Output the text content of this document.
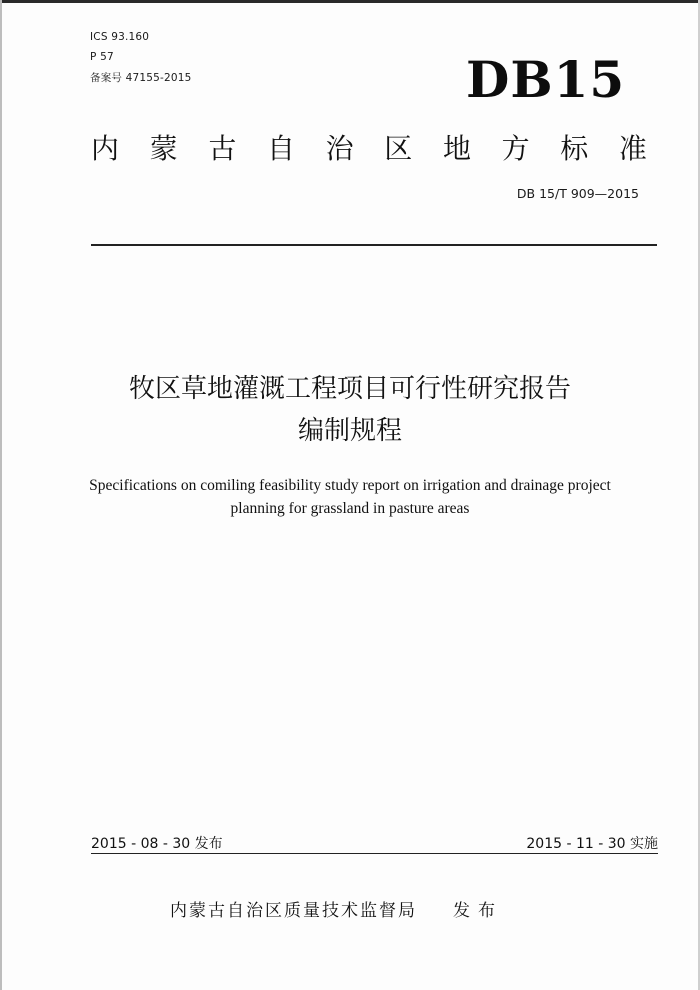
ICS 93.160
P 57
备案号 47155-2015	DB15
内 蒙 古 自 治 区 地 方 标 准
DB 15/T 909—2015
牧区草地灌溉工程项目可行性研究报告
编制规程
Specifications on comiling feasibility study report on irrigation and drainage project
planning for grassland in pasture areas
2015 - 08 - 30 发布	2015 - 11 - 30 实施
内蒙古自治区质量技术监督局 发布
